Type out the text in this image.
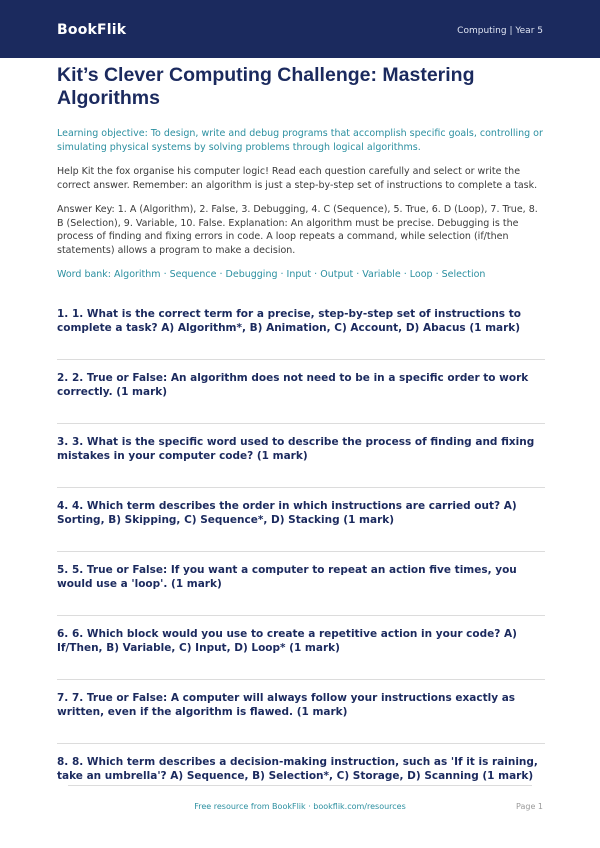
BookFlik	Computing | Year 5
Kit’s Clever Computing Challenge: Mastering Algorithms

Learning objective: To design, write and debug programs that accomplish specific goals, controlling or simulating physical systems by solving problems through logical algorithms.

Help Kit the fox organise his computer logic! Read each question carefully and select or write the correct answer. Remember: an algorithm is just a step-by-step set of instructions to complete a task.

Answer Key: 1. A (Algorithm), 2. False, 3. Debugging, 4. C (Sequence), 5. True, 6. D (Loop), 7. True, 8. B (Selection), 9. Variable, 10. False. Explanation: An algorithm must be precise. Debugging is the process of finding and fixing errors in code. A loop repeats a command, while selection (if/then statements) allows a program to make a decision.

Word bank: Algorithm · Sequence · Debugging · Input · Output · Variable · Loop · Selection

1. 1. What is the correct term for a precise, step-by-step set of instructions to complete a task? A) Algorithm*, B) Animation, C) Account, D) Abacus (1 mark)

2. 2. True or False: An algorithm does not need to be in a specific order to work correctly. (1 mark)

3. 3. What is the specific word used to describe the process of finding and fixing mistakes in your computer code? (1 mark)

4. 4. Which term describes the order in which instructions are carried out? A) Sorting, B) Skipping, C) Sequence*, D) Stacking (1 mark)

5. 5. True or False: If you want a computer to repeat an action five times, you would use a 'loop'. (1 mark)

6. 6. Which block would you use to create a repetitive action in your code? A) If/Then, B) Variable, C) Input, D) Loop* (1 mark)

7. 7. True or False: A computer will always follow your instructions exactly as written, even if the algorithm is flawed. (1 mark)

8. 8. Which term describes a decision-making instruction, such as 'If it is raining, take an umbrella'? A) Sequence, B) Selection*, C) Storage, D) Scanning (1 mark)

Free resource from BookFlik · bookflik.com/resources	Page 1
